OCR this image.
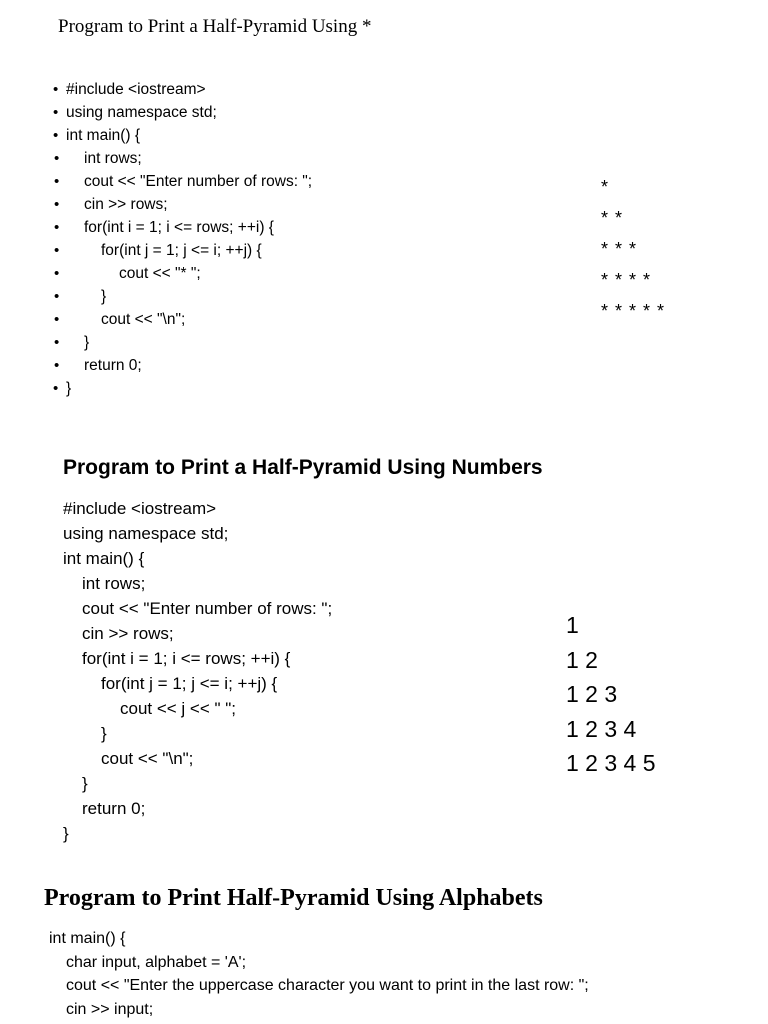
Program to Print a Half-Pyramid Using *
• #include <iostream>
• using namespace std;
• int main() {
•	int rows;
•	cout << "Enter number of rows: ";
•	cin >> rows;
•	for(int i = 1; i <= rows; ++i) {
•	for(int j = 1; j <= i; ++j) {
•	cout << "* ";
•	}
•	cout << "\n";
•	}
•	return 0;
• }
*
* *
* * *
* * * *
* * * * *
Program to Print a Half-Pyramid Using Numbers
#include <iostream>
using namespace std;
int main() {
int rows;
cout << "Enter number of rows: ";
cin >> rows;
for(int i = 1; i <= rows; ++i) {
for(int j = 1; j <= i; ++j) {
cout << j << " ";
}
cout << "\n";
}
return 0;
}
1
1 2
1 2 3
1 2 3 4
1 2 3 4 5
Program to Print Half-Pyramid Using Alphabets
int main() {
char input, alphabet = 'A';
cout << "Enter the uppercase character you want to print in the last row: ";
cin >> input;
